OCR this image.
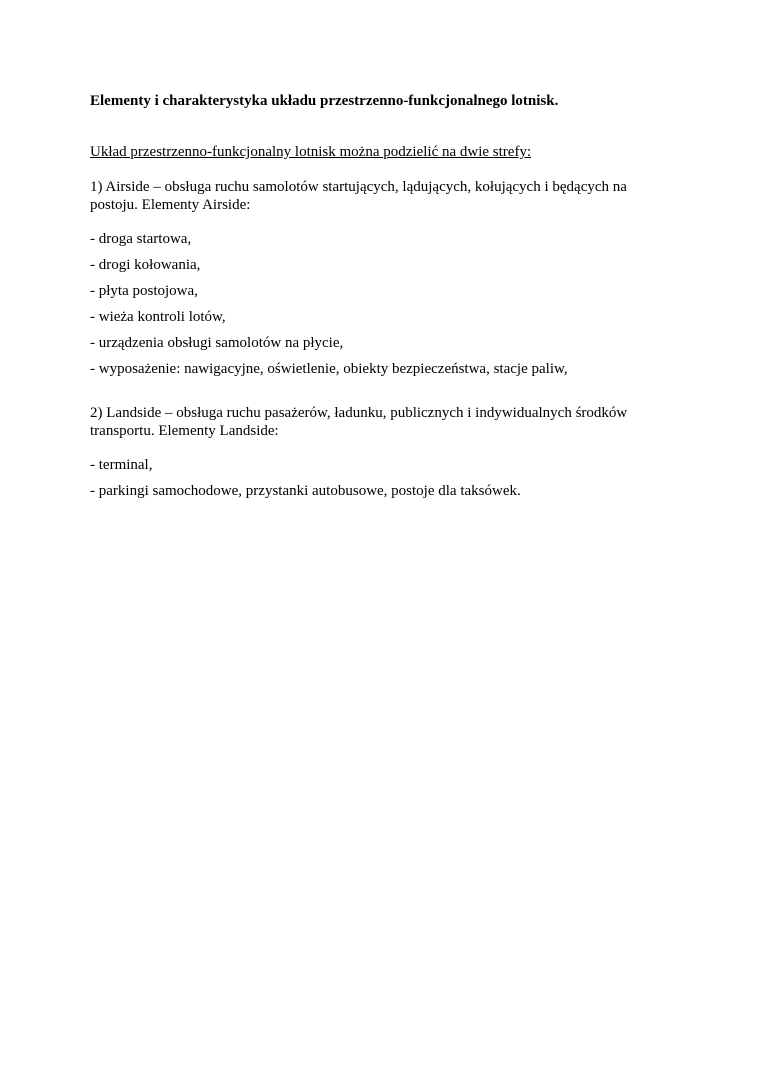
Elementy i charakterystyka układu przestrzenno-funkcjonalnego lotnisk.

Układ przestrzenno-funkcjonalny lotnisk można podzielić na dwie strefy:

1) Airside – obsługa ruchu samolotów startujących, lądujących, kołujących i będących na postoju. Elementy Airside:

- droga startowa,
- drogi kołowania,
- płyta postojowa,
- wieża kontroli lotów,
- urządzenia obsługi samolotów na płycie,
- wyposażenie: nawigacyjne, oświetlenie, obiekty bezpieczeństwa, stacje paliw,

2) Landside – obsługa ruchu pasażerów, ładunku, publicznych i indywidualnych środków transportu. Elementy Landside:

- terminal,
- parkingi samochodowe, przystanki autobusowe, postoje dla taksówek.
